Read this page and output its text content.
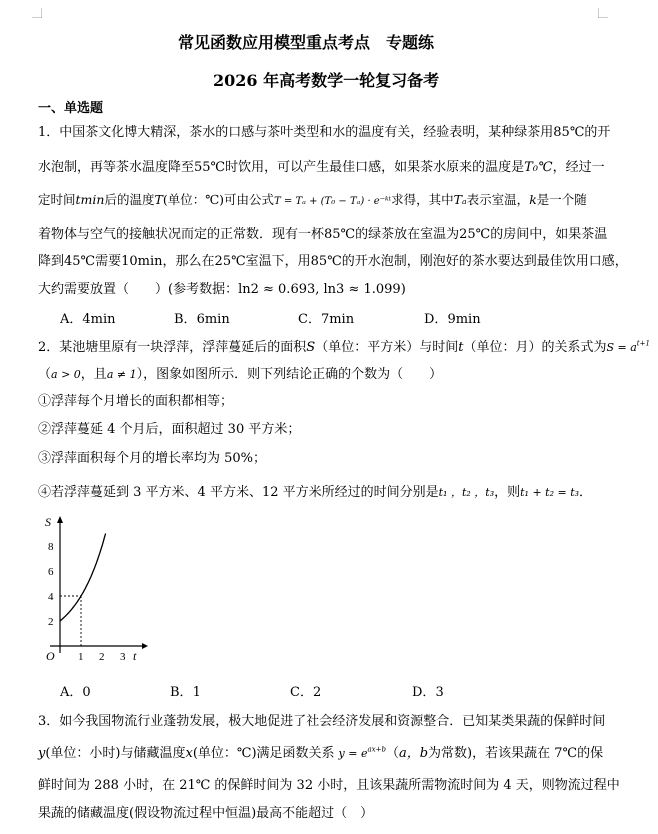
常见函数应用模型重点考点　专题练
2026 年高考数学一轮复习备考
一、单选题
1．中国茶文化博大精深，茶水的口感与茶叶类型和水的温度有关，经验表明，某种绿茶用85℃的开
水泡制，再等茶水温度降至55℃时饮用，可以产生最佳口感，如果茶水原来的温度是T₀℃，经过一
定时间tmin后的温度T(单位：℃)可由公式T = Tₐ + (T₀ − Tₐ) · e⁻ᵏᵗ求得，其中Tₐ表示室温，k是一个随
着物体与空气的接触状况而定的正常数．现有一杯85℃的绿茶放在室温为25℃的房间中，如果茶温
降到45℃需要10min，那么在25℃室温下，用85℃的开水泡制，刚泡好的茶水要达到最佳饮用口感，
大约需要放置（　　）(参考数据：ln2 ≈ 0.693, ln3 ≈ 1.099)
A．4min	B．6min	C．7min	D．9min
2．某池塘里原有一块浮萍，浮萍蔓延后的面积S（单位：平方米）与时间t（单位：月）的关系式为$S = a^{t+1}$
（a > 0，且a ≠ 1），图象如图所示．则下列结论正确的个数为（　　）
①浮萍每个月增长的面积都相等；
②浮萍蔓延 4 个月后，面积超过 30 平方米；
③浮萍面积每个月的增长率均为 50%；
④若浮萍蔓延到 3 平方米、4 平方米、12 平方米所经过的时间分别是t₁ ，t₂ ，t₃，则t₁ + t₂ = t₃．
2
4
6
8
1 2 3
S
t
O
A．0	B．1	C．2	D．3
3．如今我国物流行业蓬勃发展，极大地促进了社会经济发展和资源整合．已知某类果蔬的保鲜时间
y(单位：小时)与储藏温度x(单位：℃)满足函数关系 $y = e^{ax+b}(a$，b为常数)，若该果蔬在 7℃的保
鲜时间为 288 小时，在 21℃ 的保鲜时间为 32 小时，且该果蔬所需物流时间为 4 天，则物流过程中
果蔬的储藏温度(假设物流过程中恒温)最高不能超过（　）
